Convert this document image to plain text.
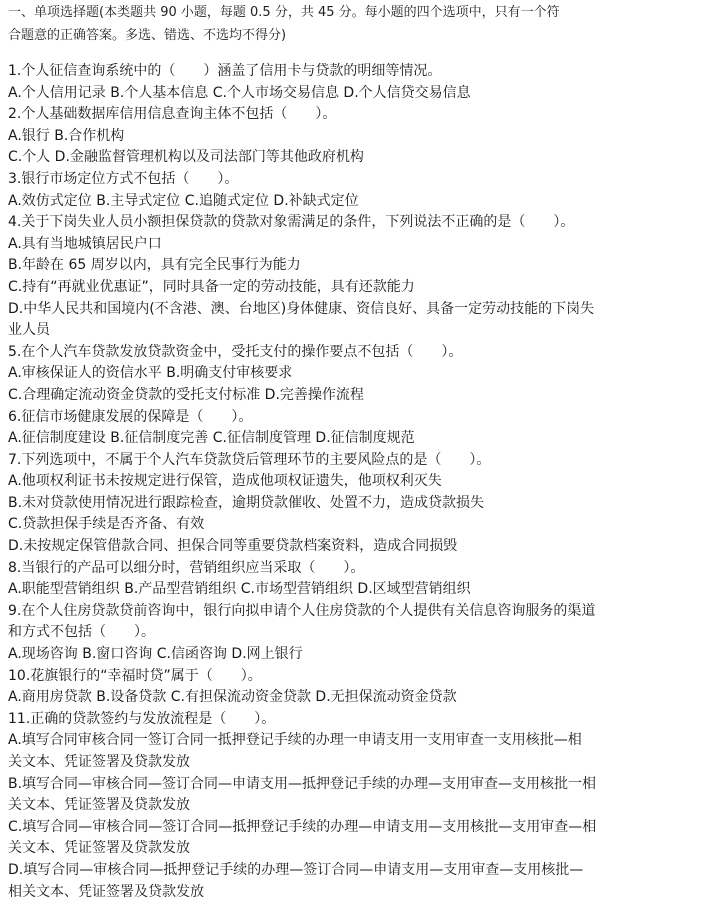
一、单项选择题(本类题共 90 小题，每题 0.5 分，共 45 分。每小题的四个选项中，只有一个符

合题意的正确答案。多选、错选、不选均不得分)

1.个人征信查询系统中的（　　）涵盖了信用卡与贷款的明细等情况。

A.个人信用记录 B.个人基本信息 C.个人市场交易信息 D.个人信贷交易信息

2.个人基础数据库信用信息查询主体不包括（　　）。

A.银行 B.合作机构

C.个人 D.金融监督管理机构以及司法部门等其他政府机构

3.银行市场定位方式不包括（　　）。

A.效仿式定位 B.主导式定位 C.追随式定位 D.补缺式定位

4.关于下岗失业人员小额担保贷款的贷款对象需满足的条件，下列说法不正确的是（　　）。

A.具有当地城镇居民户口

B.年龄在 65 周岁以内，具有完全民事行为能力

C.持有“再就业优惠证”，同时具备一定的劳动技能，具有还款能力

D.中华人民共和国境内(不含港、澳、台地区)身体健康、资信良好、具备一定劳动技能的下岗失

业人员

5.在个人汽车贷款发放贷款资金中，受托支付的操作要点不包括（　　）。

A.审核保证人的资信水平 B.明确支付审核要求

C.合理确定流动资金贷款的受托支付标准 D.完善操作流程

6.征信市场健康发展的保障是（　　）。

A.征信制度建设 B.征信制度完善 C.征信制度管理 D.征信制度规范

7.下列选项中，不属于个人汽车贷款贷后管理环节的主要风险点的是（　　）。

A.他项权利证书未按规定进行保管，造成他项权证遗失，他项权利灭失

B.未对贷款使用情况进行跟踪检查，逾期贷款催收、处置不力，造成贷款损失

C.贷款担保手续是否齐备、有效

D.未按规定保管借款合同、担保合同等重要贷款档案资料，造成合同损毁

8.当银行的产品可以细分时，营销组织应当采取（　　）。

A.职能型营销组织 B.产品型营销组织 C.市场型营销组织 D.区域型营销组织

9.在个人住房贷款贷前咨询中，银行向拟申请个人住房贷款的个人提供有关信息咨询服务的渠道

和方式不包括（　　）。

A.现场咨询 B.窗口咨询 C.信函咨询 D.网上银行

10.花旗银行的“幸福时贷”属于（　　）。

A.商用房贷款 B.设备贷款 C.有担保流动资金贷款 D.无担保流动资金贷款

11.正确的贷款签约与发放流程是（　　）。

A.填写合同审核合同一签订合同一抵押登记手续的办理一申请支用一支用审查一支用核批—相

关文本、凭证签署及贷款发放

B.填写合同—审核合同—签订合同—申请支用—抵押登记手续的办理—支用审查—支用核批一相

关文本、凭证签署及贷款发放

C.填写合同—审核合同—签订合同—抵押登记手续的办理—申请支用—支用核批—支用审查—相

关文本、凭证签署及贷款发放

D.填写合同—审核合同—抵押登记手续的办理—签订合同—申请支用—支用审查—支用核批—

相关文本、凭证签署及贷款发放
